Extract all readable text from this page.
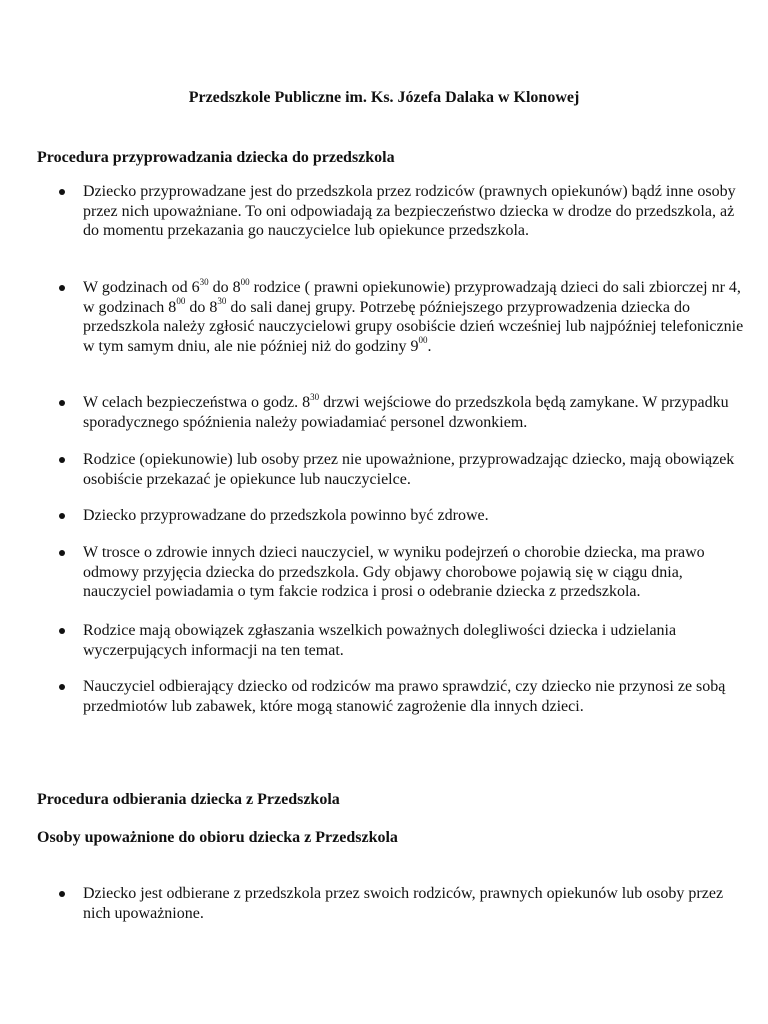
Przedszkole Publiczne im. Ks. Józefa Dalaka w Klonowej
Procedura przyprowadzania dziecka do przedszkola
Dziecko przyprowadzane jest do przedszkola przez rodziców (prawnych opiekunów) bądź inne osoby przez nich upoważniane. To oni odpowiadają za bezpieczeństwo dziecka w drodze do przedszkola, aż do momentu przekazania go nauczycielce lub opiekunce przedszkola.
W godzinach od $6^{30}$ do $8^{00}$ rodzice ( prawni opiekunowie) przyprowadzają dzieci do sali zbiorczej nr 4, w godzinach $8^{00}$ do $8^{30}$ do sali danej grupy. Potrzebę późniejszego przyprowadzenia dziecka do przedszkola należy zgłosić nauczycielowi grupy osobiście dzień wcześniej lub najpóźniej telefonicznie w tym samym dniu, ale nie później niż do godziny $9^{00}$.
W celach bezpieczeństwa o godz. $8^{30}$ drzwi wejściowe do przedszkola będą zamykane. W przypadku sporadycznego spóźnienia należy powiadamiać personel dzwonkiem.
Rodzice (opiekunowie) lub osoby przez nie upoważnione, przyprowadzając dziecko, mają obowiązek osobiście przekazać je opiekunce lub nauczycielce.
Dziecko przyprowadzane do przedszkola powinno być zdrowe.
W trosce o zdrowie innych dzieci nauczyciel, w wyniku podejrzeń o chorobie dziecka, ma prawo odmowy przyjęcia dziecka do przedszkola. Gdy objawy chorobowe pojawią się w ciągu dnia, nauczyciel powiadamia o tym fakcie rodzica i prosi o odebranie dziecka z przedszkola.
Rodzice mają obowiązek zgłaszania wszelkich poważnych dolegliwości dziecka i udzielania wyczerpujących informacji na ten temat.
Nauczyciel odbierający dziecko od rodziców ma prawo sprawdzić, czy dziecko nie przynosi ze sobą przedmiotów lub zabawek, które mogą stanowić zagrożenie dla innych dzieci.
Procedura odbierania dziecka z Przedszkola
Osoby upoważnione do obioru dziecka z Przedszkola
Dziecko jest odbierane z przedszkola przez swoich rodziców, prawnych opiekunów lub osoby przez nich upoważnione.
